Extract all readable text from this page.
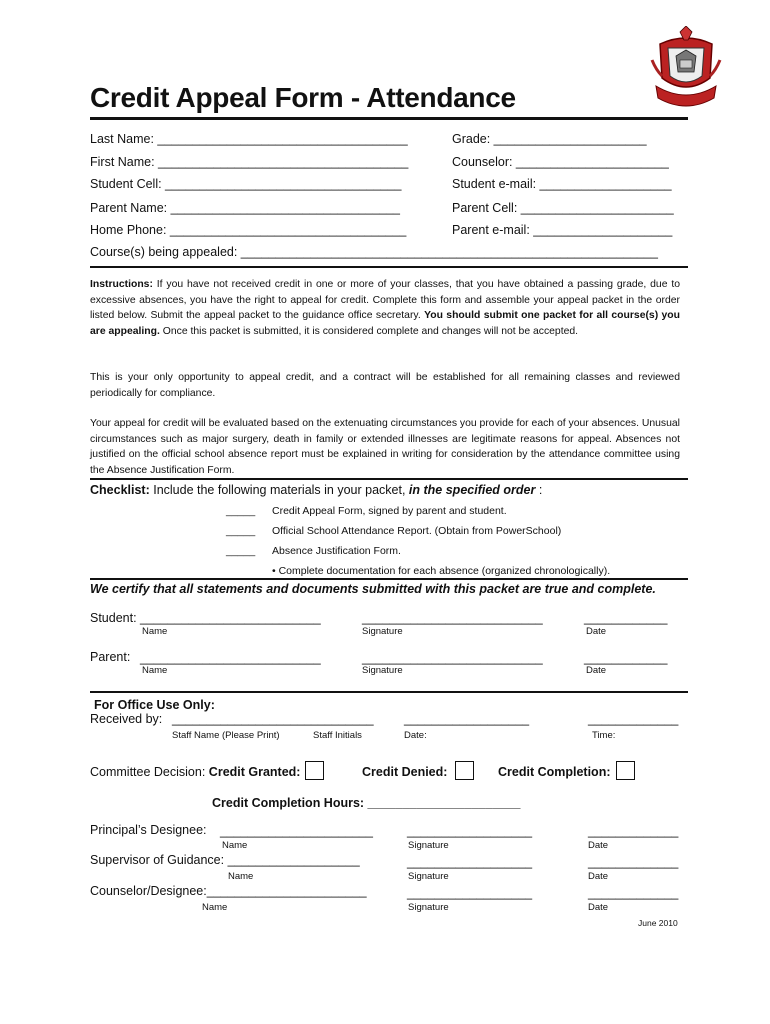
Credit Appeal Form - Attendance
Last Name: ____________________________________	Grade: ______________________
First Name: ____________________________________	Counselor: ______________________
Student Cell: __________________________________	Student e-mail: ___________________
Parent Name: _________________________________	Parent Cell: ______________________
Home Phone: __________________________________	Parent e-mail: ____________________
Course(s) being appealed: ____________________________________________________________
Instructions: If you have not received credit in one or more of your classes, that you have obtained a passing grade, due to excessive absences, you have the right to appeal for credit. Complete this form and assemble your appeal packet in the order listed below. Submit the appeal packet to the guidance office secretary. You should submit one packet for all course(s) you are appealing. Once this packet is submitted, it is considered complete and changes will not be accepted.
This is your only opportunity to appeal credit, and a contract will be established for all remaining classes and reviewed periodically for compliance.
Your appeal for credit will be evaluated based on the extenuating circumstances you provide for each of your absences. Unusual circumstances such as major surgery, death in family or extended illnesses are legitimate reasons for appeal. Absences not justified on the official school absence report must be explained in writing for consideration by the attendance committee using the Absence Justification Form.
Checklist: Include the following materials in your packet, in the specified order :
_____ Credit Appeal Form, signed by parent and student.
_____ Official School Attendance Report. (Obtain from PowerSchool)
_____ Absence Justification Form.
• Complete documentation for each absence (organized chronologically).
We certify that all statements and documents submitted with this packet are true and complete.
Student: __________________________	__________________________	____________
Name	Signature	Date
Parent: __________________________	__________________________	____________
Name	Signature	Date
For Office Use Only:
Received by: _____________________________ __________________	_____________
Staff Name (Please Print)	Staff Initials	Date:	Time:
Committee Decision: Credit Granted:	Credit Denied:	Credit Completion:
Credit Completion Hours: ______________________
Principal’s Designee: ______________________	__________________	_____________
Name	Signature	Date
Supervisor of Guidance: ___________________	__________________	_____________
Name	Signature	Date
Counselor/Designee:_______________________	__________________	_____________
Name	Signature	Date
June 2010
